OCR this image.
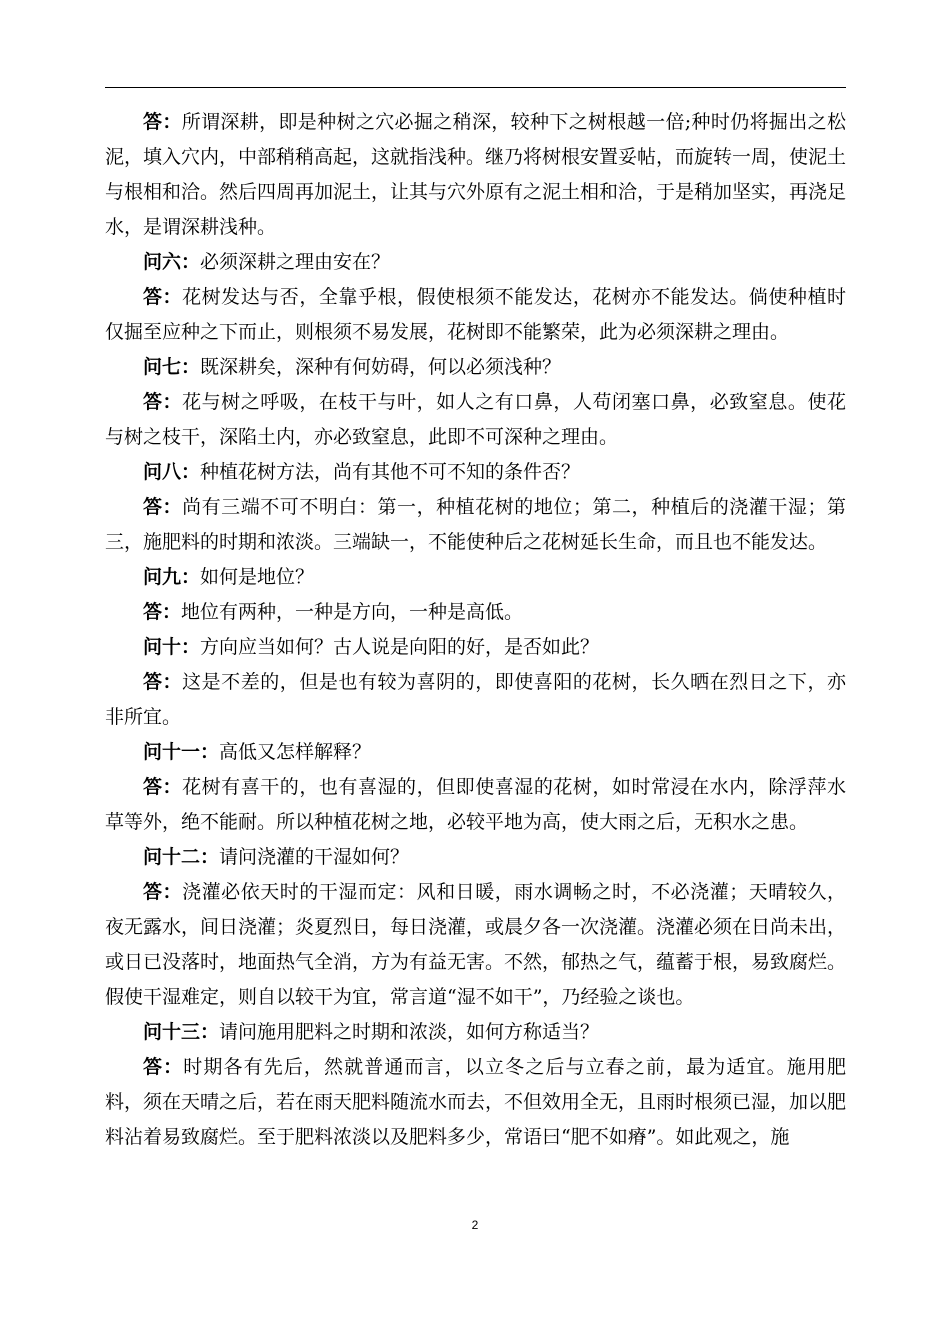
答：所谓深耕，即是种树之穴必掘之稍深，较种下之树根越一倍;种时仍将掘出之松泥，填入穴内，中部稍稍高起，这就指浅种。继乃将树根安置妥帖，而旋转一周，使泥土与根相和洽。然后四周再加泥土，让其与穴外原有之泥土相和洽，于是稍加坚实，再浇足水，是谓深耕浅种。

问六：必须深耕之理由安在？

答：花树发达与否，全靠乎根，假使根须不能发达，花树亦不能发达。倘使种植时仅掘至应种之下而止，则根须不易发展，花树即不能繁荣，此为必须深耕之理由。

问七：既深耕矣，深种有何妨碍，何以必须浅种？

答：花与树之呼吸，在枝干与叶，如人之有口鼻，人苟闭塞口鼻，必致窒息。使花与树之枝干，深陷土内，亦必致窒息，此即不可深种之理由。

问八：种植花树方法，尚有其他不可不知的条件否？

答：尚有三端不可不明白：第一，种植花树的地位；第二，种植后的浇灌干湿；第三，施肥料的时期和浓淡。三端缺一，不能使种后之花树延长生命，而且也不能发达。

问九：如何是地位？

答：地位有两种，一种是方向，一种是高低。

问十：方向应当如何？古人说是向阳的好，是否如此？

答：这是不差的，但是也有较为喜阴的，即使喜阳的花树，长久晒在烈日之下，亦非所宜。

问十一：高低又怎样解释？

答：花树有喜干的，也有喜湿的，但即使喜湿的花树，如时常浸在水内，除浮萍水草等外，绝不能耐。所以种植花树之地，必较平地为高，使大雨之后，无积水之患。

问十二：请问浇灌的干湿如何？

答：浇灌必依天时的干湿而定：风和日暖，雨水调畅之时，不必浇灌；天晴较久，夜无露水，间日浇灌；炎夏烈日，每日浇灌，或晨夕各一次浇灌。浇灌必须在日尚未出，或日已没落时，地面热气全消，方为有益无害。不然，郁热之气，蕴蓄于根，易致腐烂。假使干湿难定，则自以较干为宜，常言道“湿不如干”，乃经验之谈也。

问十三：请问施用肥料之时期和浓淡，如何方称适当？

答：时期各有先后，然就普通而言，以立冬之后与立春之前，最为适宜。施用肥料，须在天晴之后，若在雨天肥料随流水而去，不但效用全无，且雨时根须已湿，加以肥料沾着易致腐烂。至于肥料浓淡以及肥料多少，常语曰“肥不如瘠”。如此观之，施

2
